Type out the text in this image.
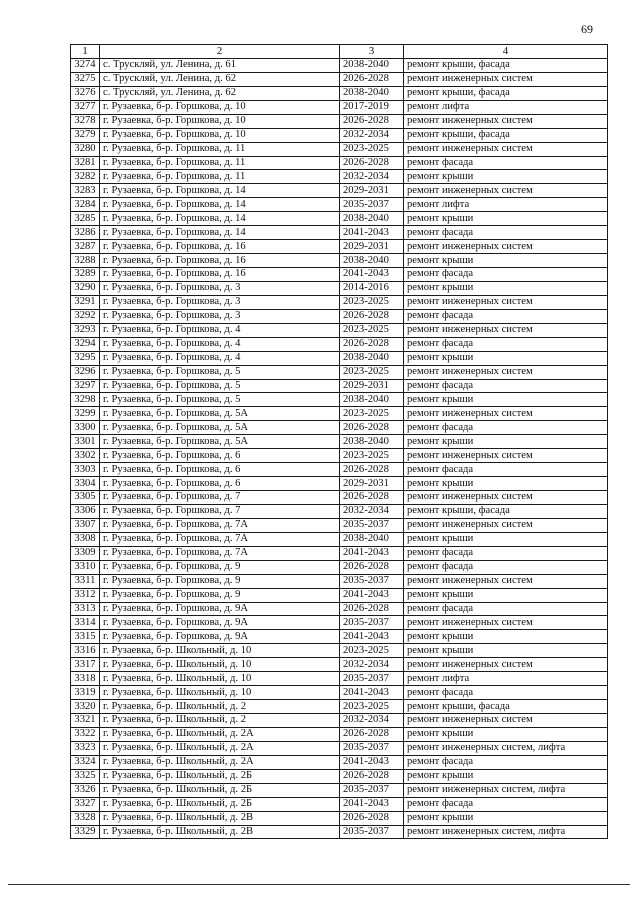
69
1	2	3	4
3274	с. Трускляй, ул. Ленина, д. 61	2038-2040	ремонт крыши, фасада
3275	с. Трускляй, ул. Ленина, д. 62	2026-2028	ремонт инженерных систем
3276	с. Трускляй, ул. Ленина, д. 62	2038-2040	ремонт крыши, фасада
3277	г. Рузаевка, б-р. Горшкова, д. 10	2017-2019	ремонт лифта
3278	г. Рузаевка, б-р. Горшкова, д. 10	2026-2028	ремонт инженерных систем
3279	г. Рузаевка, б-р. Горшкова, д. 10	2032-2034	ремонт крыши, фасада
3280	г. Рузаевка, б-р. Горшкова, д. 11	2023-2025	ремонт инженерных систем
3281	г. Рузаевка, б-р. Горшкова, д. 11	2026-2028	ремонт фасада
3282	г. Рузаевка, б-р. Горшкова, д. 11	2032-2034	ремонт крыши
3283	г. Рузаевка, б-р. Горшкова, д. 14	2029-2031	ремонт инженерных систем
3284	г. Рузаевка, б-р. Горшкова, д. 14	2035-2037	ремонт лифта
3285	г. Рузаевка, б-р. Горшкова, д. 14	2038-2040	ремонт крыши
3286	г. Рузаевка, б-р. Горшкова, д. 14	2041-2043	ремонт фасада
3287	г. Рузаевка, б-р. Горшкова, д. 16	2029-2031	ремонт инженерных систем
3288	г. Рузаевка, б-р. Горшкова, д. 16	2038-2040	ремонт крыши
3289	г. Рузаевка, б-р. Горшкова, д. 16	2041-2043	ремонт фасада
3290	г. Рузаевка, б-р. Горшкова, д. 3	2014-2016	ремонт крыши
3291	г. Рузаевка, б-р. Горшкова, д. 3	2023-2025	ремонт инженерных систем
3292	г. Рузаевка, б-р. Горшкова, д. 3	2026-2028	ремонт фасада
3293	г. Рузаевка, б-р. Горшкова, д. 4	2023-2025	ремонт инженерных систем
3294	г. Рузаевка, б-р. Горшкова, д. 4	2026-2028	ремонт фасада
3295	г. Рузаевка, б-р. Горшкова, д. 4	2038-2040	ремонт крыши
3296	г. Рузаевка, б-р. Горшкова, д. 5	2023-2025	ремонт инженерных систем
3297	г. Рузаевка, б-р. Горшкова, д. 5	2029-2031	ремонт фасада
3298	г. Рузаевка, б-р. Горшкова, д. 5	2038-2040	ремонт крыши
3299	г. Рузаевка, б-р. Горшкова, д. 5А	2023-2025	ремонт инженерных систем
3300	г. Рузаевка, б-р. Горшкова, д. 5А	2026-2028	ремонт фасада
3301	г. Рузаевка, б-р. Горшкова, д. 5А	2038-2040	ремонт крыши
3302	г. Рузаевка, б-р. Горшкова, д. 6	2023-2025	ремонт инженерных систем
3303	г. Рузаевка, б-р. Горшкова, д. 6	2026-2028	ремонт фасада
3304	г. Рузаевка, б-р. Горшкова, д. 6	2029-2031	ремонт крыши
3305	г. Рузаевка, б-р. Горшкова, д. 7	2026-2028	ремонт инженерных систем
3306	г. Рузаевка, б-р. Горшкова, д. 7	2032-2034	ремонт крыши, фасада
3307	г. Рузаевка, б-р. Горшкова, д. 7А	2035-2037	ремонт инженерных систем
3308	г. Рузаевка, б-р. Горшкова, д. 7А	2038-2040	ремонт крыши
3309	г. Рузаевка, б-р. Горшкова, д. 7А	2041-2043	ремонт фасада
3310	г. Рузаевка, б-р. Горшкова, д. 9	2026-2028	ремонт фасада
3311	г. Рузаевка, б-р. Горшкова, д. 9	2035-2037	ремонт инженерных систем
3312	г. Рузаевка, б-р. Горшкова, д. 9	2041-2043	ремонт крыши
3313	г. Рузаевка, б-р. Горшкова, д. 9А	2026-2028	ремонт фасада
3314	г. Рузаевка, б-р. Горшкова, д. 9А	2035-2037	ремонт инженерных систем
3315	г. Рузаевка, б-р. Горшкова, д. 9А	2041-2043	ремонт крыши
3316	г. Рузаевка, б-р. Школьный, д. 10	2023-2025	ремонт крыши
3317	г. Рузаевка, б-р. Школьный, д. 10	2032-2034	ремонт инженерных систем
3318	г. Рузаевка, б-р. Школьный, д. 10	2035-2037	ремонт лифта
3319	г. Рузаевка, б-р. Школьный, д. 10	2041-2043	ремонт фасада
3320	г. Рузаевка, б-р. Школьный, д. 2	2023-2025	ремонт крыши, фасада
3321	г. Рузаевка, б-р. Школьный, д. 2	2032-2034	ремонт инженерных систем
3322	г. Рузаевка, б-р. Школьный, д. 2А	2026-2028	ремонт крыши
3323	г. Рузаевка, б-р. Школьный, д. 2А	2035-2037	ремонт инженерных систем, лифта
3324	г. Рузаевка, б-р. Школьный, д. 2А	2041-2043	ремонт фасада
3325	г. Рузаевка, б-р. Школьный, д. 2Б	2026-2028	ремонт крыши
3326	г. Рузаевка, б-р. Школьный, д. 2Б	2035-2037	ремонт инженерных систем, лифта
3327	г. Рузаевка, б-р. Школьный, д. 2Б	2041-2043	ремонт фасада
3328	г. Рузаевка, б-р. Школьный, д. 2В	2026-2028	ремонт крыши
3329	г. Рузаевка, б-р. Школьный, д. 2В	2035-2037	ремонт инженерных систем, лифта
